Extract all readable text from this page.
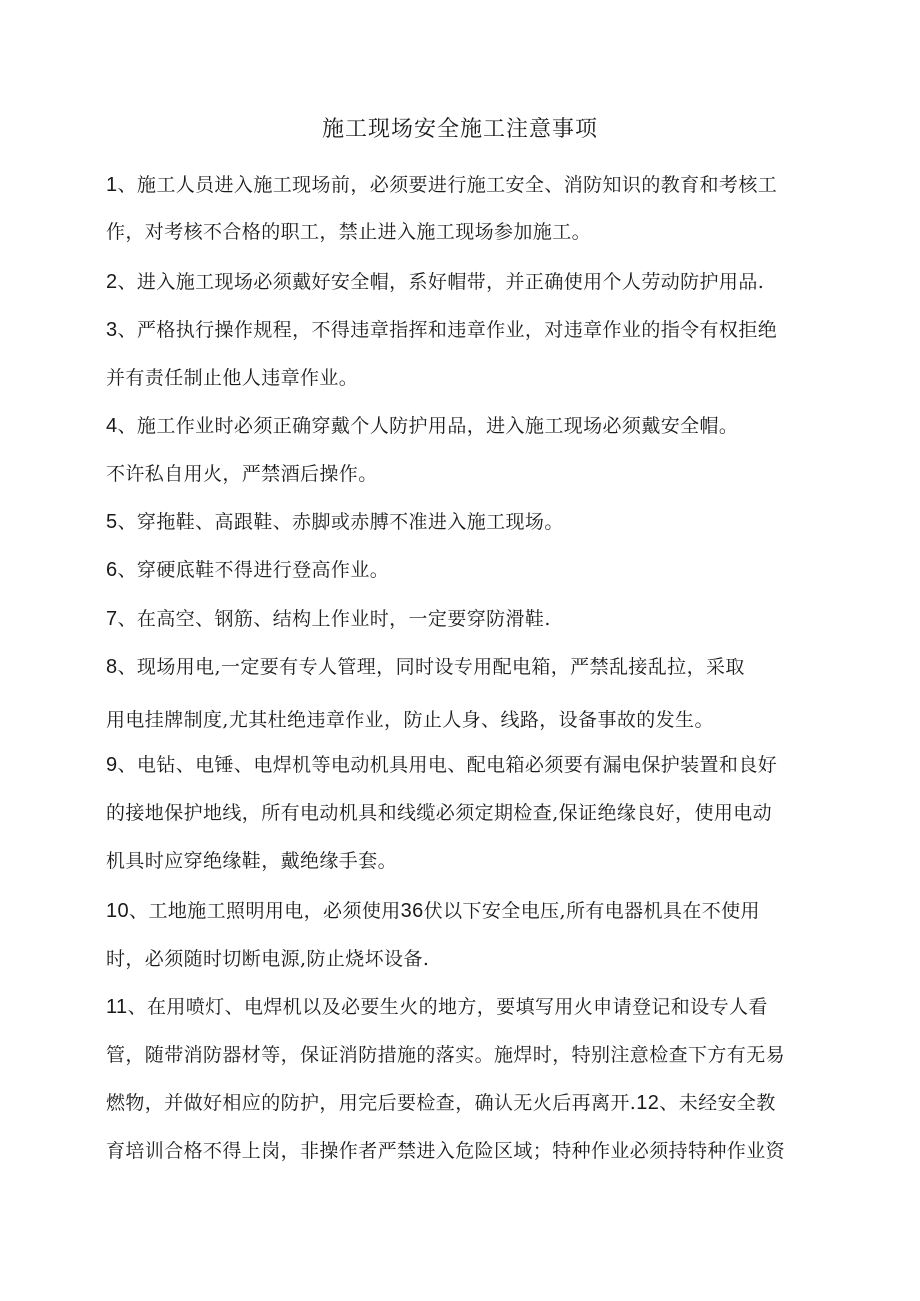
施工现场安全施工注意事项
1、施工人员进入施工现场前，必须要进行施工安全、消防知识的教育和考核工
作，对考核不合格的职工，禁止进入施工现场参加施工。
2、进入施工现场必须戴好安全帽，系好帽带，并正确使用个人劳动防护用品.
3、严格执行操作规程，不得违章指挥和违章作业，对违章作业的指令有权拒绝
并有责任制止他人违章作业。
4、施工作业时必须正确穿戴个人防护用品，进入施工现场必须戴安全帽。
不许私自用火，严禁酒后操作。
5、穿拖鞋、高跟鞋、赤脚或赤膊不准进入施工现场。
6、穿硬底鞋不得进行登高作业。
7、在高空、钢筋、结构上作业时，一定要穿防滑鞋.
8、现场用电,一定要有专人管理，同时设专用配电箱，严禁乱接乱拉，采取
用电挂牌制度,尤其杜绝违章作业，防止人身、线路，设备事故的发生。
9、电钻、电锤、电焊机等电动机具用电、配电箱必须要有漏电保护装置和良好
的接地保护地线，所有电动机具和线缆必须定期检查,保证绝缘良好，使用电动
机具时应穿绝缘鞋，戴绝缘手套。
10、工地施工照明用电，必须使用36伏以下安全电压,所有电器机具在不使用
时，必须随时切断电源,防止烧坏设备.
11、在用喷灯、电焊机以及必要生火的地方，要填写用火申请登记和设专人看
管，随带消防器材等，保证消防措施的落实。施焊时，特别注意检查下方有无易
燃物，并做好相应的防护，用完后要检查，确认无火后再离开.12、未经安全教
育培训合格不得上岗，非操作者严禁进入危险区域；特种作业必须持特种作业资
